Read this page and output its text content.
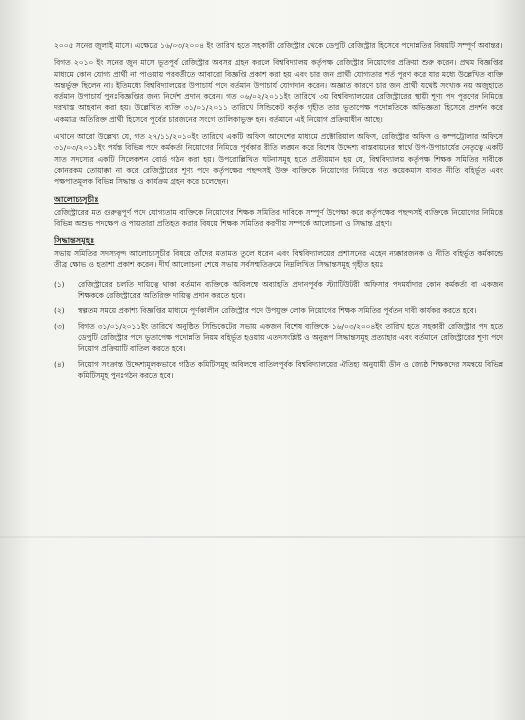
২০০৫ সনের জুলাই মাসে। এক্ষেত্রে ১৬/০৩/২০০৪ ইং তারিখ হতে সহকারী রেজিস্ট্রার থেকে ডেপুটি রেজিস্ট্রার হিসেবে পদোন্নতির বিষয়টি সম্পূর্ণ অবান্তর।

বিগত ২০১০ ইং সনের জুন মাসে ভূতপূর্ব রেজিস্ট্রার অবসর গ্রহন করলে বিশ্ববিদ্যালয় কর্তৃপক্ষ রেজিস্ট্রার নিয়োগের প্রক্রিয়া শুরু করেন। প্রথম বিজ্ঞপ্তির মাধ্যমে কোন যোগ্য প্রার্থী না পাওয়ায় পরবর্তীতে আবারো বিজ্ঞপ্তি প্রকাশ করা হয় এবং চার জন প্রার্থী যোগ্যতার শর্ত পূরণ করে যার মধ্যে উল্লেখিত ব্যক্তি অন্তর্ভুক্ত ছিলেন না। ইতিমধ্যে বিশ্ববিদ্যালয়ের উপাচার্য পদে বর্তমান উপাচার্য যোগদান করেন। অজ্ঞাত কারণে চার জন প্রার্থী যথেষ্ট সংখ্যক নয় অজুহাতে বর্তমান উপাচার্য পুনঃবিজ্ঞপ্তির জন্য নির্দেশ প্রদান করেন। গত ০৬/০২/২০১১ইং তারিখে ৩য় বিশ্ববিদ্যালয়ের রেজিস্ট্রারের স্থায়ী শূণ্য পদ পূরণের নিমিত্তে দরখাস্ত আহবান করা হয়। উল্লেখিত ব্যক্তি ৩১/০১/২০১১ তারিখে সিন্ডিকেট কর্তৃক গৃহীত তার ভূতাপেক্ষ পদোন্নতিকে অভিজ্ঞতা হিসেবে প্রদর্শন করে একমাত্র অতিরিক্ত প্রার্থী হিসেবে পূর্বের চারজনের সংগে তালিকাভুক্ত হন। বর্তমানে এই নিয়োগ প্রক্রিয়াধীন আছে।

এখানে আরো উল্লেখ্য যে, গত ২৭/১১/২০১০ইং তারিখে একটি অফিস আদেশের মাধ্যমে প্রক্টোরিয়াল অফিস, রেজিস্ট্রার অফিস ও কম্পট্রোলার অফিসে ৩১/০৩/২০১১ইং পর্যন্ত বিভিন্ন পদে কর্মকর্তা নিয়োগের নিমিত্তে পূর্বকার রীতি লঙ্ঘন করে বিশেষ উদ্দেশ্য বাস্তবায়নের স্বার্থে উপ-উপাচার্যের নেতৃত্বে একটি সাত সদস্যের একটি সিলেকশন বোর্ড গঠন করা হয়। উপরোল্লিখিত ঘটনাসমূহ হতে প্রতীয়মান হয় যে, বিশ্ববিদ্যালয় কর্তৃপক্ষ শিক্ষক সমিতির দাবীকে কোনরকম তোয়াক্কা না করে রেজিস্ট্রারের শূণ্য পদে কর্তৃপক্ষের পছন্দসই উক্ত ব্যক্তিকে নিয়োগের নিমিত্তে গত কয়েকমাস যাবত নীতি বহির্ভূত এবং পক্ষপাতমূলক বিভিন্ন সিদ্ধান্ত ও কার্যক্রম গ্রহন করে চলেছেন।

আলোচ্যসূচীঃ

রেজিস্ট্রারের মত গুরুত্বপূর্ণ পদে যোগ্যতাম ব্যক্তিকে নিয়োগের শিক্ষক সমিতির দাবিকে সম্পূর্ণ উপেক্ষা করে কর্তৃপক্ষের পছন্দসই ব্যক্তিকে নিয়োগের নিমিত্তে বিভিন্ন অশুভ পদক্ষেপ ও পায়তারা প্রতিহত করার বিষয়ে শিক্ষক সমিতির করণীয় সম্পর্কে আলোচনা ও সিদ্ধান্ত গ্রহণ।

সিদ্ধান্তসমূহঃ

সভায় সমিতির সদস্যবৃন্দ আলোচ্যসূচীর বিষয়ে তাঁদের মতামত তুলে ধরেন এবং বিশ্ববিদ্যালয়ের প্রশাসনের এহেন ন্যক্কারজনক ও নীতি বহির্ভূত কর্মকান্ডে তীব্র ক্ষোভ ও হতাশা প্রকাশ করেন। দীর্ঘ আলোচনা শেষে সভায় সর্বসম্মতিক্রমে নিম্নলিখিত সিদ্ধান্তসমূহ গৃহীত হয়ঃ

(১)	রেজিস্ট্রারের চলতি দায়িত্বে থাকা বর্তমান ব্যক্তিকে অবিলম্বে অব্যাহতি প্রদানপূর্বক স্ট্যাটিউটরী অফিসার পদমর্যাদার কোন কর্মকর্তা বা একজন শিক্ষককে রেজিস্ট্রারের অতিরিক্ত দায়িত্ব প্রদান করতে হবে।
(২)	স্বল্পতম সময়ে প্রকাশ্য বিজ্ঞপ্তির মাধ্যমে পূর্ণকালীন রেজিস্ট্রার পদে উপযুক্ত লোক নিয়োগের শিক্ষক সমিতির পূর্বতন দাবী কার্যকর করতে হবে।
(৩)	বিগত ৩১/০১/২০১১ইং তারিখে অনুষ্ঠিত সিন্ডিকেটের সভায় একজন বিশেষ ব্যক্তিকে ১৬/০৩/২০০৪ইং তারিখ হতে সহকারী রেজিস্ট্রার পদ হতে ডেপুটি রেজিস্ট্রার পদে ভূতাপেক্ষ পদোন্নতি নিয়ম বহির্ভূত হওয়ায় এতদসংশ্লিষ্ট ও অনুরূপ সিদ্ধান্তসমূহ প্রত্যাহার এবং বর্তমানে রেজিস্ট্রারের শূণ্য পদে নিয়োগ প্রক্রিয়াটি বাতিল করতে হবে।
(৪)	নিয়োগ সংক্রান্ত উদ্দেশ্যমূলকভাবে গঠিত কমিটিসমূহ অবিলম্বে বাতিলপূর্বক বিশ্ববিদ্যালয়ের ঐতিহ্য অনুযায়ী ডীন ও জ্যেষ্ঠ শিক্ষকদের সমন্বয়ে বিভিন্ন কমিটিসমূহ পুনঃগঠন করতে হবে।
